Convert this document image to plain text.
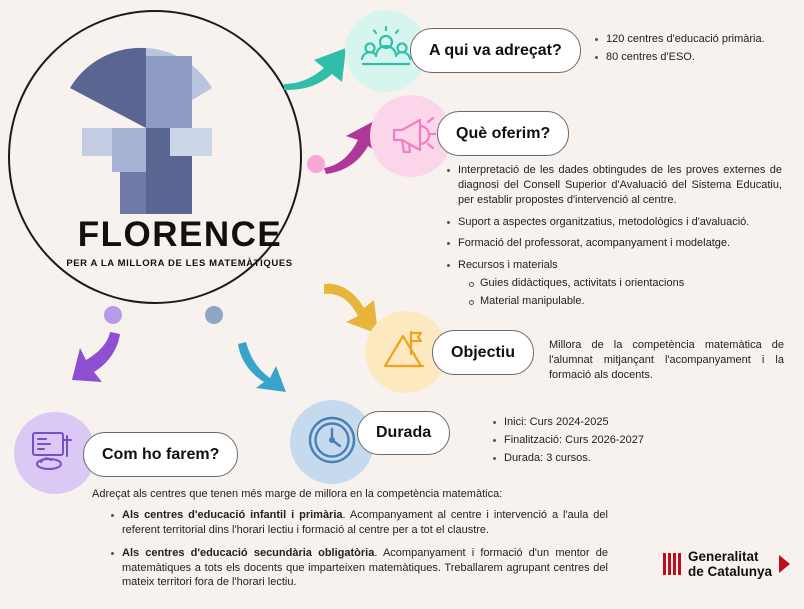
FLORENCE
PER A LA MILLORA DE LES MATEMÀTIQUES
A qui va adreçat?
120 centres d'educació primària.
80 centres d'ESO.
Què oferim?
Interpretació de les dades obtingudes de les proves externes de diagnosi del Consell Superior d'Avaluació del Sistema Educatiu, per establir propostes d'intervenció al centre.
Suport a aspectes organitzatius, metodològics i d'avaluació.
Formació del professorat, acompanyament i modelatge.
Recursos i materials
Guies didàctiques, activitats i orientacions
Material manipulable.
Objectiu	Millora de la competència matemàtica de l'alumnat mitjançant l'acompanyament i la formació als docents.
Durada
Inici: Curs 2024-2025
Finalització: Curs 2026-2027
Durada: 3 cursos.
Com ho farem?
Adreçat als centres que tenen més marge de millora en la competència matemàtica:
Als centres d'educació infantil i primària. Acompanyament al centre i intervenció a l'aula del referent territorial dins l'horari lectiu i formació al centre per a tot el claustre.
Als centres d'educació secundària obligatòria. Acompanyament i formació d'un mentor de matemàtiques a tots els docents que imparteixen matemàtiques. Treballarem agrupant centres del mateix territori fora de l'horari lectiu.
Generalitat
de Catalunya
